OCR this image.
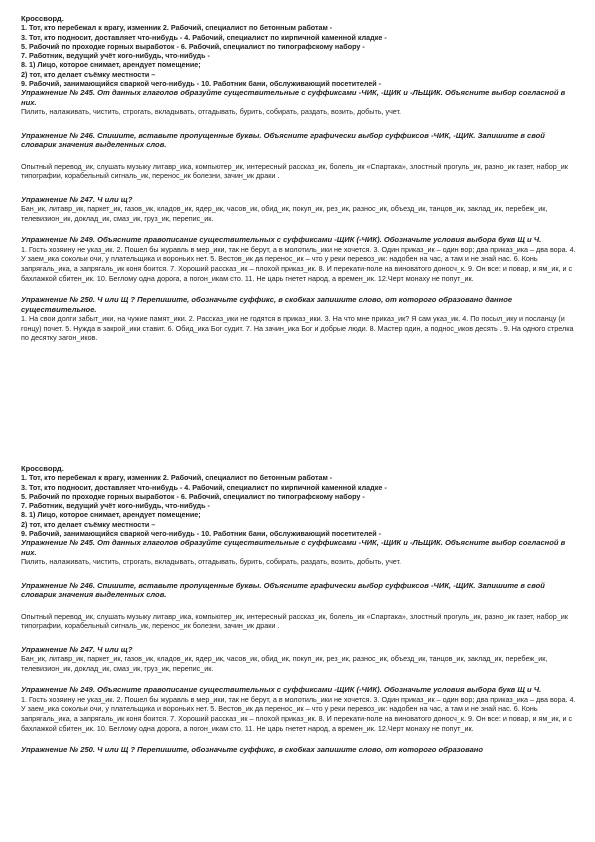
Кроссворд.
1. Тот, кто перебежал к врагу, изменник 2. Рабочий, специалист по бетонным работам -
3. Тот, кто подносит, доставляет что-нибудь - 4. Рабочий, специалист по кирпичной каменной кладке -
5. Рабочий по проходке горных выработок - 6. Рабочий, специалист по типографскому набору -
7. Работник, ведущий учёт кого-нибудь, что-нибудь -
8. 1) Лицо, которое снимает, арендует помещение;
2) тот, кто делает съёмку местности –
9. Рабочий, занимающийся сваркой чего-нибудь - 10. Работник бани, обслуживающий посетителей -
Упражнение № 245. От данных глаголов образуйте существительные с суффиксами -ЧИК, -ЩИК и -ЛЬЩИК. Объясните выбор согласной в них.
Пилить, налаживать, чистить, строгать, вкладывать, отгадывать, бурить, собирать, раздать, возить, добыть, учет.
Упражнение № 246. Спишите, вставьте пропущенные буквы. Объясните графически выбор суффиксов -ЧИК, -ЩИК. Запишите в свой словарик значения выделенных слов.
Опытный перевод_ик, слушать музыку литавр_ика, компьютер_ик, интересный рассказ_ик, болель_ик «Спартака», злостный прогуль_ик, разно_ик газет, набор_ик типографии, корабельный сигналь_ик, перенос_ик болезни, зачин_ик драки .
Упражнение № 247. Ч или щ?
Бан_ик, литавр_ик, паркет_ик, газов_ик, кладов_ик, ядер_ик, часов_ик, обид_ик, покуп_ик, рез_ик, разнос_ик, объезд_ик, танцов_ик, заклад_ик, перебеж_ик, телевизион_ик, доклад_ик, смаз_ик, груз_ик, перепис_ик.
Упражнение № 249. Объясните правописание существительных с суффиксами -ЩИК (-ЧИК). Обозначьте условия выбора букв Щ и Ч.
1. Гость хозяину не указ_ик. 2. Пошел бы журавль в мер_ики, так не берут, а в молотиль_ики не хочется. 3. Один приказ_ик – один вор; два приказ_ика – два вора. 4. У заем_ика сокольи очи, у плательщика и вороньих нет. 5. Вестов_ик да перенос_ик – что у реки перевоз_ик: надобен на час, а там и не знай нас. 6. Конь запрягаль_ика, а запрягаль_ик коня боится. 7. Хороший рассказ_ик – плохой приказ_ик. 8. И перекати-поле на виноватого доносч_к. 9. Он все: и повар, и ям_ик, и с бахлажкой сбитен_ик. 10. Беглому одна дорога, а погон_икам сто. 11. Не царь гнетет народ, а времен_ик. 12.Черт монаху не попут_ик.
Упражнение № 250. Ч или Щ ? Перепишите, обозначьте суффикс, в скобках запишите слово, от которого образовано данное существительное.
1. На свои долги забыт_ики, на чужие памят_ики. 2. Рассказ_ики не годятся в приказ_ики. 3. На что мне приказ_ик? Я сам указ_ик. 4. По посыл_ику и посланцу (и гонцу) почет. 5. Нужда в закрой_ики ставит. 6. Обид_ика Бог судит. 7. На зачин_ика Бог и добрые люди. 8. Мастер один, а поднос_иков десять . 9. На одного стрелка по десятку загон_иков.
Кроссворд.
1. Тот, кто перебежал к врагу, изменник 2. Рабочий, специалист по бетонным работам -
3. Тот, кто подносит, доставляет что-нибудь - 4. Рабочий, специалист по кирпичной каменной кладке -
5. Рабочий по проходке горных выработок - 6. Рабочий, специалист по типографскому набору -
7. Работник, ведущий учёт кого-нибудь, что-нибудь -
8. 1) Лицо, которое снимает, арендует помещение;
2) тот, кто делает съёмку местности –
9. Рабочий, занимающийся сваркой чего-нибудь - 10. Работник бани, обслуживающий посетителей -
Упражнение № 245. От данных глаголов образуйте существительные с суффиксами -ЧИК, -ЩИК и -ЛЬЩИК. Объясните выбор согласной в них.
Пилить, налаживать, чистить, строгать, вкладывать, отгадывать, бурить, собирать, раздать, возить, добыть, учет.
Упражнение № 246. Спишите, вставьте пропущенные буквы. Объясните графически выбор суффиксов -ЧИК, -ЩИК. Запишите в свой словарик значения выделенных слов.
Опытный перевод_ик, слушать музыку литавр_ика, компьютер_ик, интересный рассказ_ик, болель_ик «Спартака», злостный прогуль_ик, разно_ик газет, набор_ик типографии, корабельный сигналь_ик, перенос_ик болезни, зачин_ик драки .
Упражнение № 247. Ч или щ?
Бан_ик, литавр_ик, паркет_ик, газов_ик, кладов_ик, ядер_ик, часов_ик, обид_ик, покуп_ик, рез_ик, разнос_ик, объезд_ик, танцов_ик, заклад_ик, перебеж_ик, телевизион_ик, доклад_ик, смаз_ик, груз_ик, перепис_ик.
Упражнение № 249. Объясните правописание существительных с суффиксами -ЩИК (-ЧИК). Обозначьте условия выбора букв Щ и Ч.
1. Гость хозяину не указ_ик. 2. Пошел бы журавль в мер_ики, так не берут, а в молотиль_ики не хочется. 3. Один приказ_ик – один вор; два приказ_ика – два вора. 4. У заем_ика сокольи очи, у плательщика и вороньих нет. 5. Вестов_ик да перенос_ик – что у реки перевоз_ик: надобен на час, а там и не знай нас. 6. Конь запрягаль_ика, а запрягаль_ик коня боится. 7. Хороший рассказ_ик – плохой приказ_ик. 8. И перекати-поле на виноватого доносч_к. 9. Он все: и повар, и ям_ик, и с бахлажкой сбитен_ик. 10. Беглому одна дорога, а погон_икам сто. 11. Не царь гнетет народ, а времен_ик. 12.Черт монаху не попут_ик.
Упражнение № 250. Ч или Щ ? Перепишите, обозначьте суффикс, в скобках запишите слово, от которого образовано
